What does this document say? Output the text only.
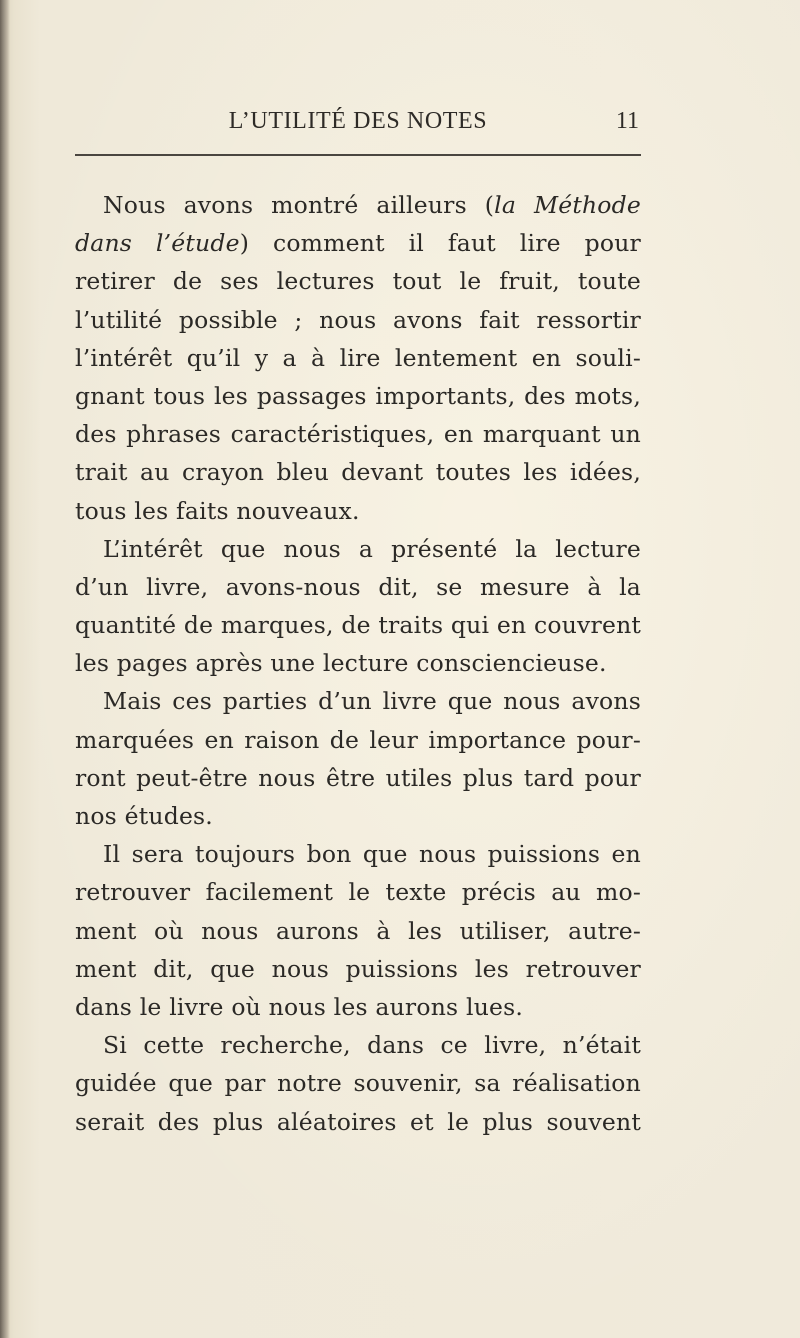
L’UTILITÉ DES NOTES	11
Nous avons montré ailleurs (la Méthode
dans l’étude) comment il faut lire pour
retirer de ses lectures tout le fruit, toute
l’utilité possible ; nous avons fait ressortir
l’intérêt qu’il y a à lire lentement en souli-
gnant tous les passages importants, des mots,
des phrases caractéristiques, en marquant un
trait au crayon bleu devant toutes les idées,
tous les faits nouveaux.
L’intérêt que nous a présenté la lecture
d’un livre, avons-nous dit, se mesure à la
quantité de marques, de traits qui en couvrent
les pages après une lecture consciencieuse.
Mais ces parties d’un livre que nous avons
marquées en raison de leur importance pour-
ront peut-être nous être utiles plus tard pour
nos études.
Il sera toujours bon que nous puissions en
retrouver facilement le texte précis au mo-
ment où nous aurons à les utiliser, autre-
ment dit, que nous puissions les retrouver
dans le livre où nous les aurons lues.
Si cette recherche, dans ce livre, n’était
guidée que par notre souvenir, sa réalisation
serait des plus aléatoires et le plus souvent
